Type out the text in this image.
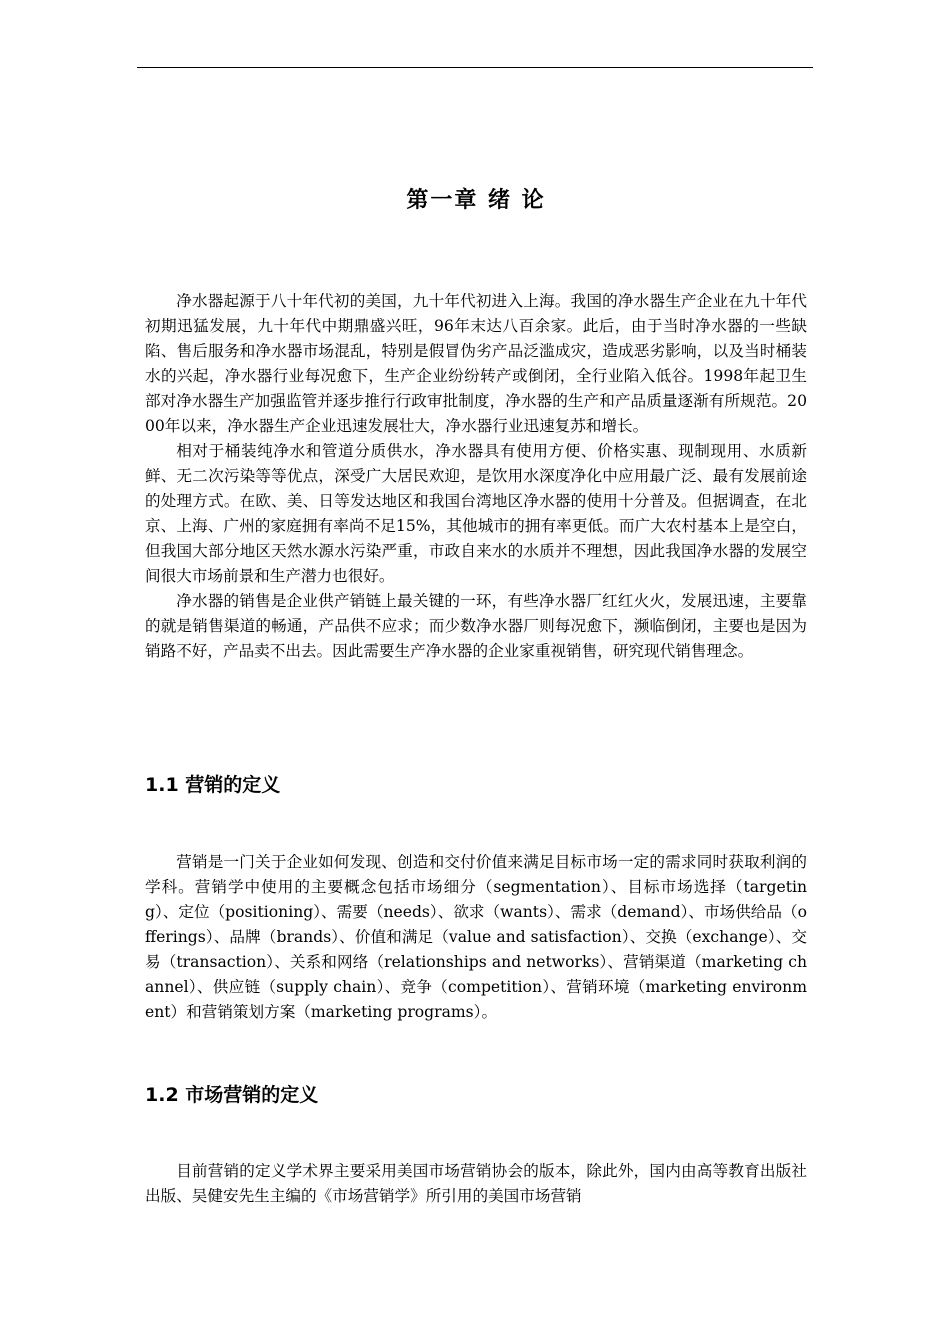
第一章 绪 论

净水器起源于八十年代初的美国，九十年代初进入上海。我国的净水器生产企业在九十年代初期迅猛发展，九十年代中期鼎盛兴旺，96年末达八百余家。此后，由于当时净水器的一些缺陷、售后服务和净水器市场混乱，特别是假冒伪劣产品泛滥成灾，造成恶劣影响，以及当时桶装水的兴起，净水器行业每况愈下，生产企业纷纷转产或倒闭，全行业陷入低谷。1998年起卫生部对净水器生产加强监管并逐步推行行政审批制度，净水器的生产和产品质量逐渐有所规范。2000年以来，净水器生产企业迅速发展壮大，净水器行业迅速复苏和增长。

相对于桶装纯净水和管道分质供水，净水器具有使用方便、价格实惠、现制现用、水质新鲜、无二次污染等等优点，深受广大居民欢迎，是饮用水深度净化中应用最广泛、最有发展前途的处理方式。在欧、美、日等发达地区和我国台湾地区净水器的使用十分普及。但据调查，在北京、上海、广州的家庭拥有率尚不足15%，其他城市的拥有率更低。而广大农村基本上是空白，但我国大部分地区天然水源水污染严重，市政自来水的水质并不理想，因此我国净水器的发展空间很大市场前景和生产潜力也很好。

净水器的销售是企业供产销链上最关键的一环，有些净水器厂红红火火，发展迅速，主要靠的就是销售渠道的畅通，产品供不应求；而少数净水器厂则每况愈下，濒临倒闭，主要也是因为销路不好，产品卖不出去。因此需要生产净水器的企业家重视销售，研究现代销售理念。

1.1 营销的定义

营销是一门关于企业如何发现、创造和交付价值来满足目标市场一定的需求同时获取利润的学科。营销学中使用的主要概念包括市场细分（segmentation）、目标市场选择（targeting）、定位（positioning）、需要（needs）、欲求（wants）、需求（demand）、市场供给品（offerings）、品牌（brands）、价值和满足（value and satisfaction）、交换（exchange）、交易（transaction）、关系和网络（relationships and networks）、营销渠道（marketing channel）、供应链（supply chain）、竞争（competition）、营销环境（marketing environment）和营销策划方案（marketing programs）。

1.2 市场营销的定义

目前营销的定义学术界主要采用美国市场营销协会的版本，除此外，国内由高等教育出版社出版、吴健安先生主编的《市场营销学》所引用的美国市场营销
